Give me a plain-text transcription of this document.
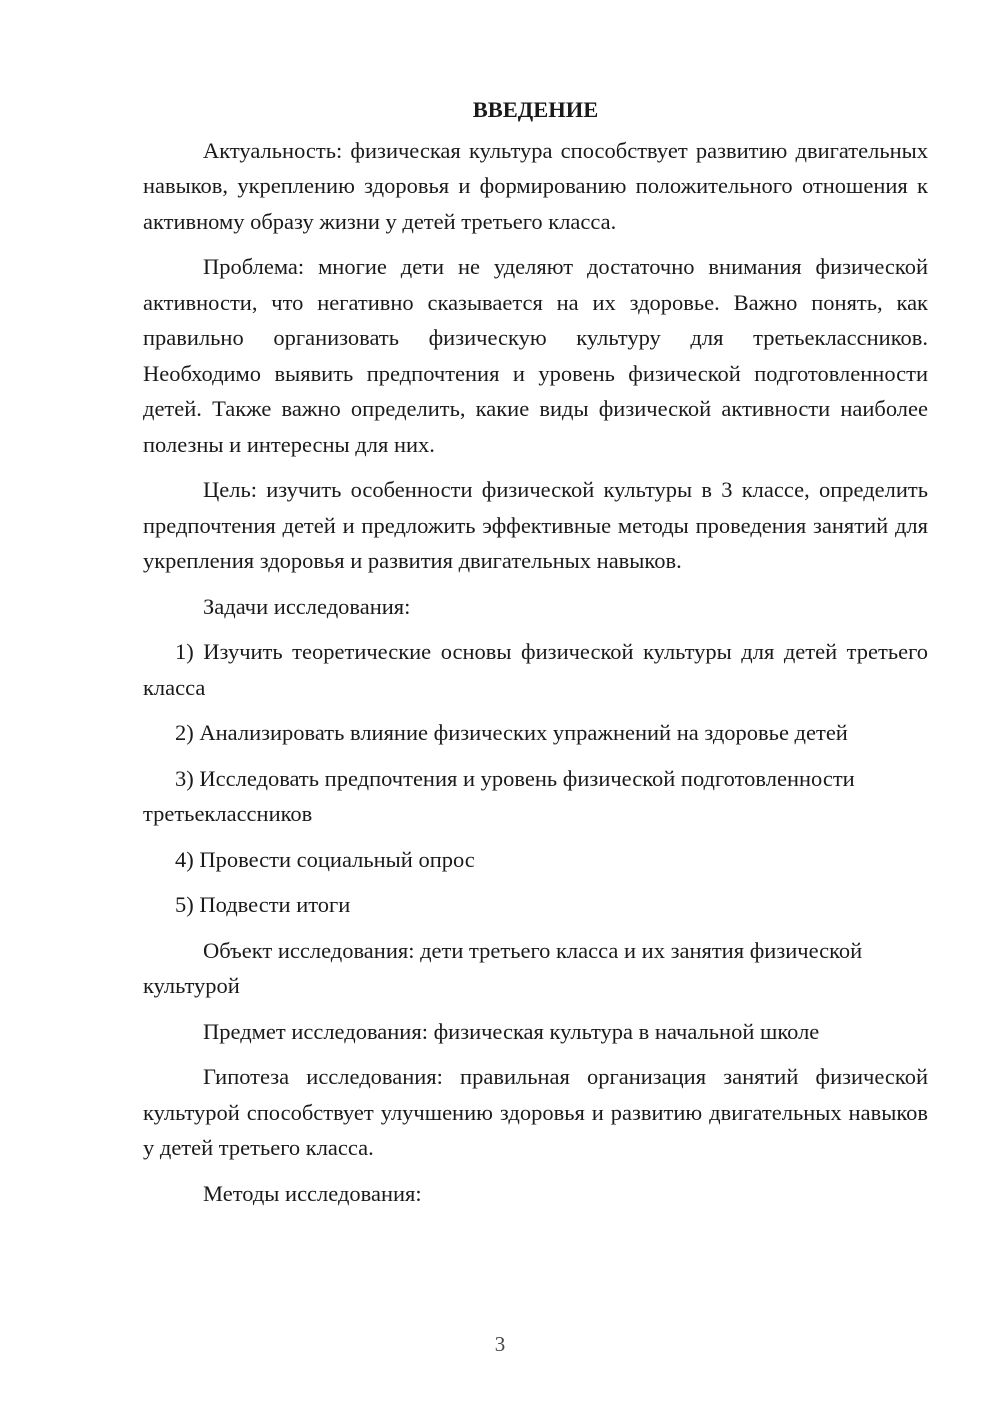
ВВЕДЕНИЕ

Актуальность: физическая культура способствует развитию двигательных навыков, укреплению здоровья и формированию положительного отношения к активному образу жизни у детей третьего класса.

Проблема: многие дети не уделяют достаточно внимания физической активности, что негативно сказывается на их здоровье. Важно понять, как правильно организовать физическую культуру для третьеклассников. Необходимо выявить предпочтения и уровень физической подготовленности детей. Также важно определить, какие виды физической активности наиболее полезны и интересны для них.

Цель: изучить особенности физической культуры в 3 классе, определить предпочтения детей и предложить эффективные методы проведения занятий для укрепления здоровья и развития двигательных навыков.

Задачи исследования:

1) Изучить теоретические основы физической культуры для детей третьего класса

2) Анализировать влияние физических упражнений на здоровье детей

3) Исследовать предпочтения и уровень физической подготовленности третьеклассников

4) Провести социальный опрос

5) Подвести итоги

Объект исследования: дети третьего класса и их занятия физической культурой

Предмет исследования: физическая культура в начальной школе

Гипотеза исследования: правильная организация занятий физической культурой способствует улучшению здоровья и развитию двигательных навыков у детей третьего класса.

Методы исследования:

3
